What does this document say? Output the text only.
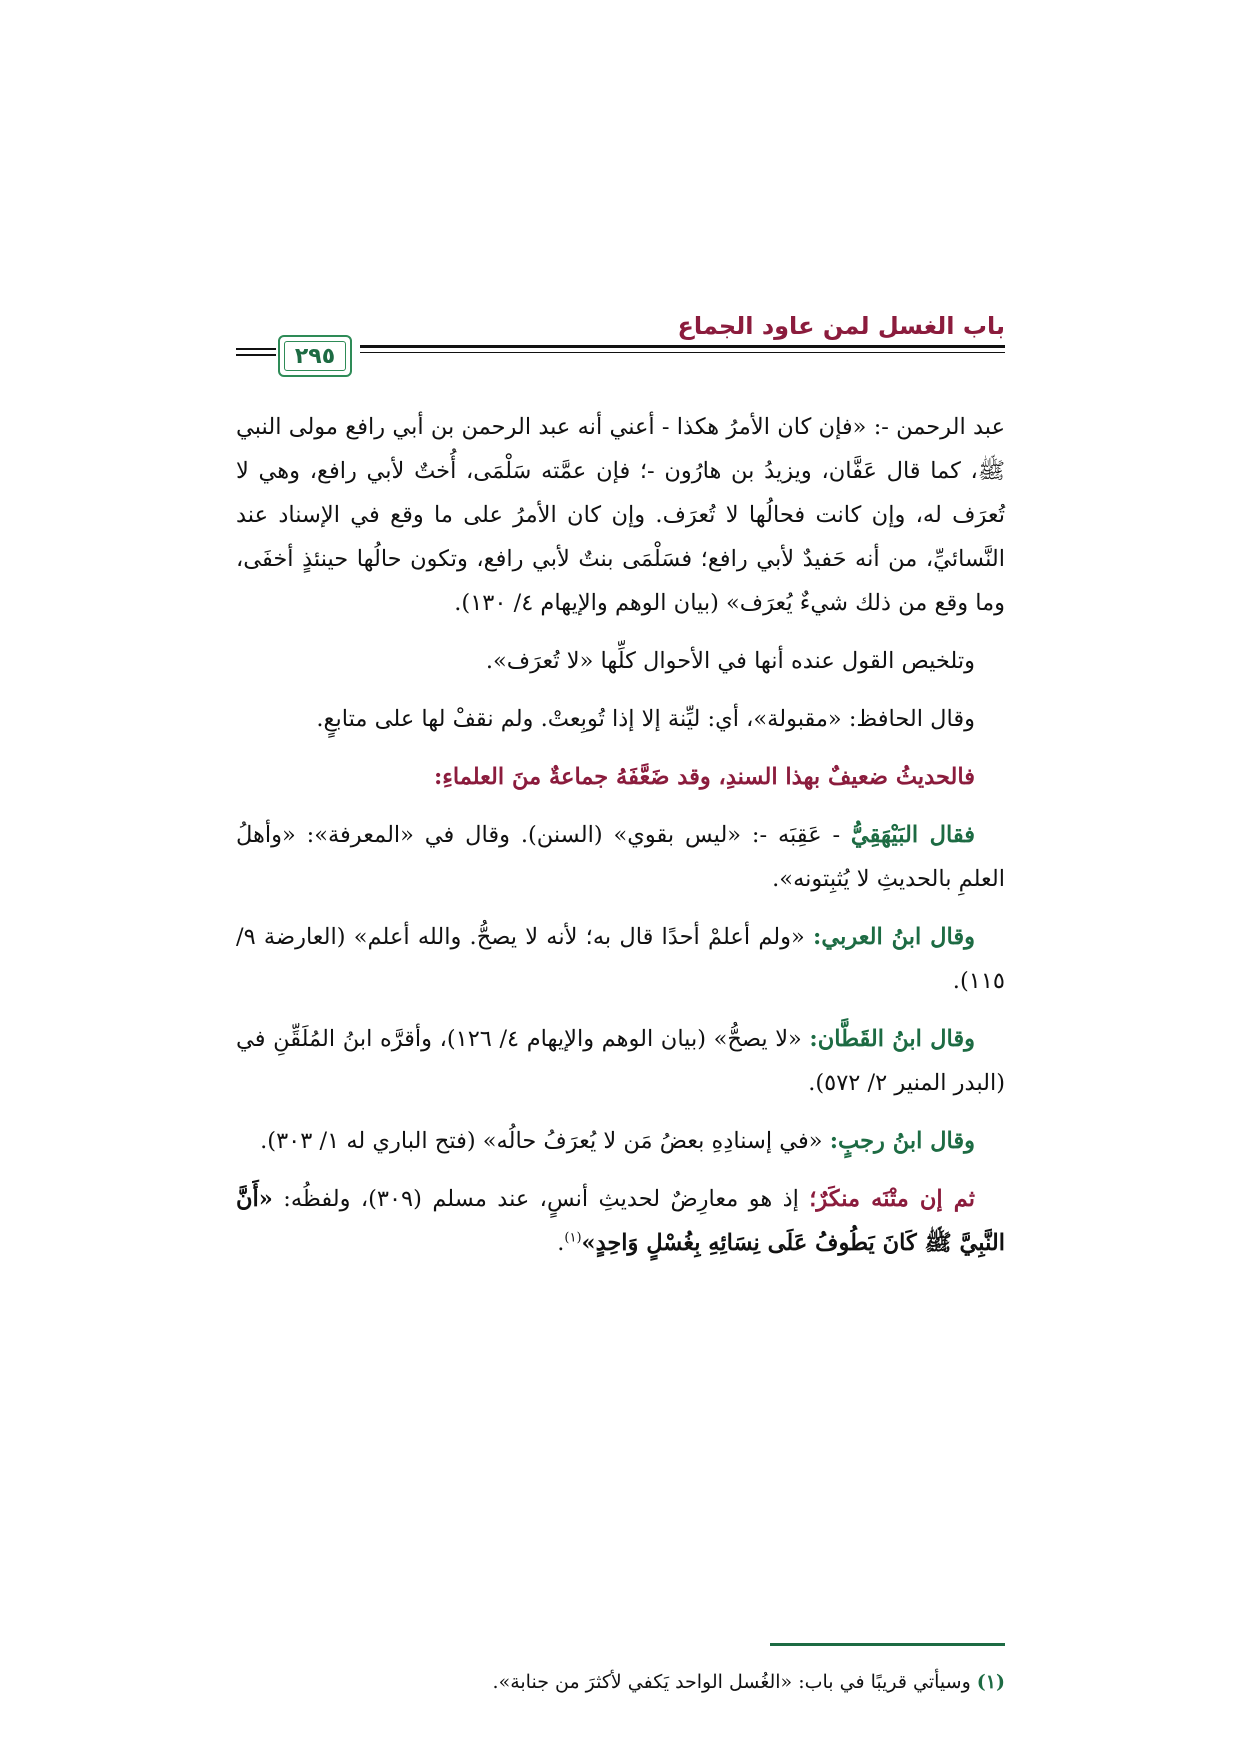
باب الغسل لمن عاود الجماع
٢٩٥

عبد الرحمن -: «فإن كان الأمرُ هكذا - أعني أنه عبد الرحمن بن أبي رافع مولى النبي ﷺ، كما قال عَفَّان، ويزيدُ بن هارُون -؛ فإن عمَّته سَلْمَى، أُختٌ لأبي رافع، وهي لا تُعرَف له، وإن كانت فحالُها لا تُعرَف. وإن كان الأمرُ على ما وقع في الإسناد عند النَّسائيِّ، من أنه حَفيدٌ لأبي رافع؛ فسَلْمَى بنتٌ لأبي رافع، وتكون حالُها حينئذٍ أخفَى، وما وقع من ذلك شيءٌ يُعرَف» (بيان الوهم والإيهام ٤/ ١٣٠).

وتلخيص القول عنده أنها في الأحوال كلِّها «لا تُعرَف».

وقال الحافظ: «مقبولة»، أي: ليِّنة إلا إذا تُوبِعتْ. ولم نقفْ لها على متابعٍ.

فالحديثُ ضعيفٌ بهذا السندِ، وقد ضَعَّفَهُ جماعةٌ منَ العلماءِ:

فقال البَيْهَقِيُّ - عَقِبَه -: «ليس بقوي» (السنن). وقال في «المعرفة»: «وأهلُ العلمِ بالحديثِ لا يُثبِتونه».

وقال ابنُ العربي: «ولم أعلمْ أحدًا قال به؛ لأنه لا يصحُّ. والله أعلم» (العارضة ٩/ ١١٥).

وقال ابنُ القَطَّان: «لا يصحُّ» (بيان الوهم والإيهام ٤/ ١٢٦)، وأقرَّه ابنُ المُلَقِّنِ في (البدر المنير ٢/ ٥٧٢).

وقال ابنُ رجبٍ: «في إسنادِهِ بعضُ مَن لا يُعرَفُ حالُه» (فتح الباري له ١/ ٣٠٣).

ثم إن متْنَه منكَرٌ؛ إذ هو معارِضٌ لحديثِ أنسٍ، عند مسلم (٣٠٩)، ولفظُه: «أَنَّ النَّبِيَّ ﷺ كَانَ يَطُوفُ عَلَى نِسَائِهِ بِغُسْلٍ وَاحِدٍ»$^{(١)}$.

(١) وسيأتي قريبًا في باب: «الغُسل الواحد يَكفي لأكثرَ من جنابة».
